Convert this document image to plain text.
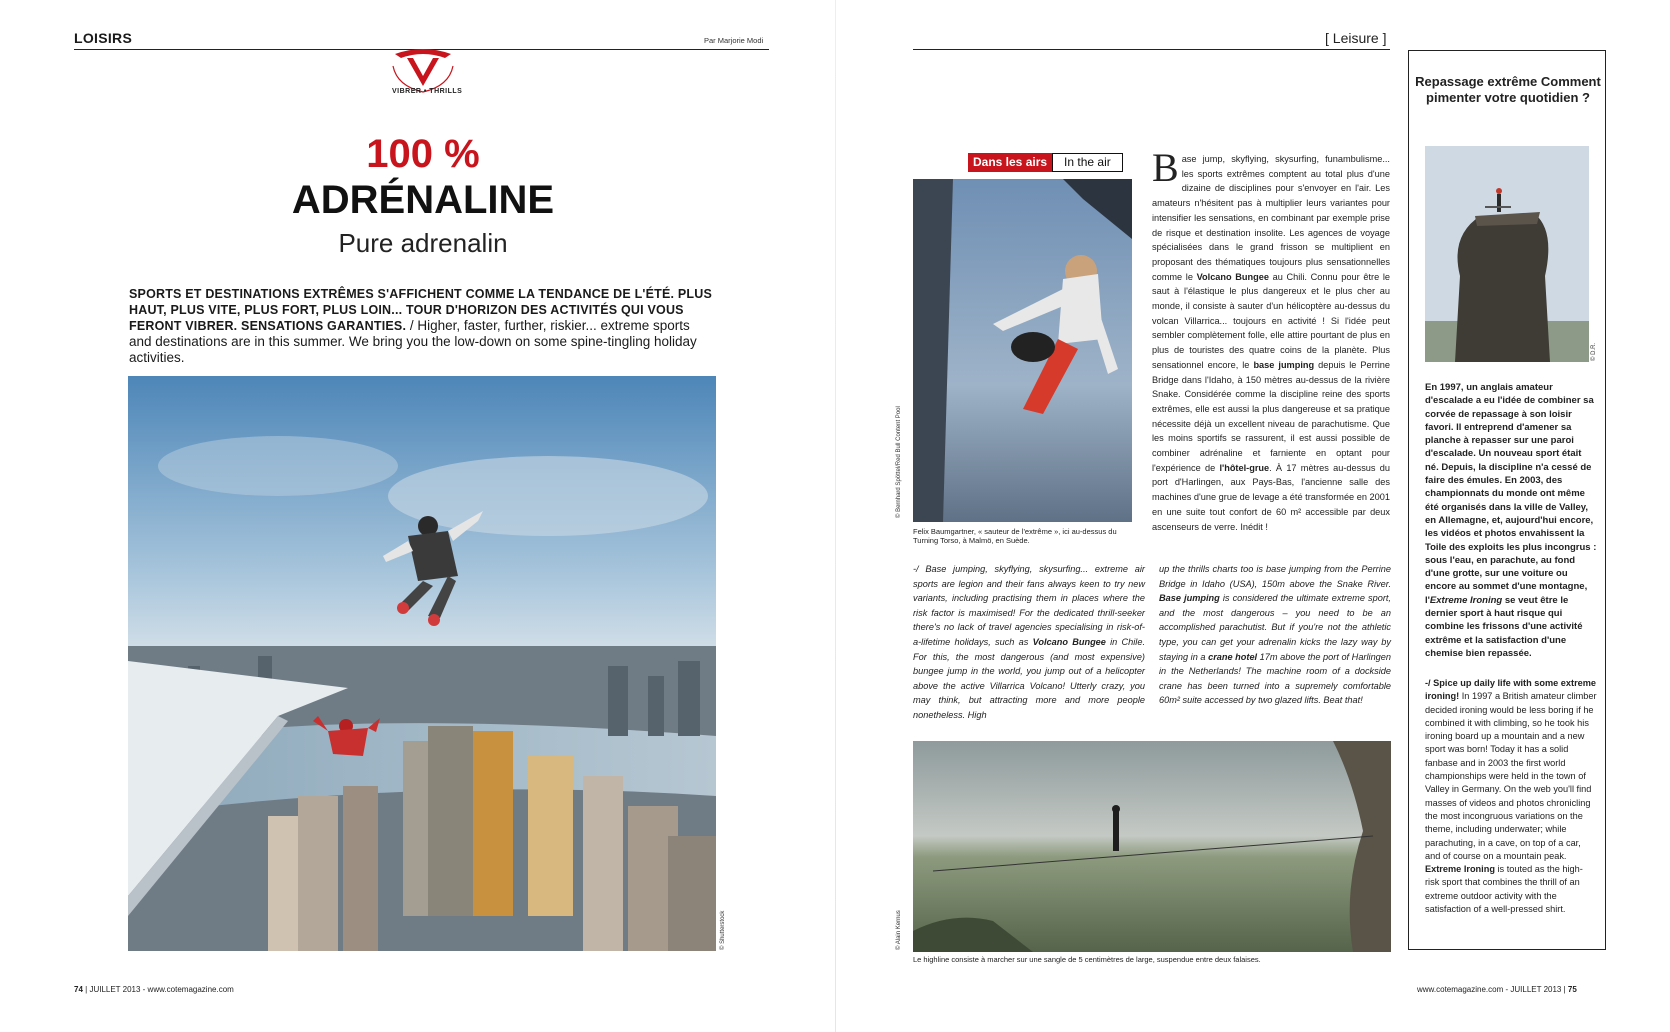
LOISIRS	Par Marjorie Modi
VIBRER • THRILLS
100 %
ADRÉNALINE
Pure adrenalin
SPORTS ET DESTINATIONS EXTRÊMES S'AFFICHENT COMME LA TENDANCE DE L'ÉTÉ. PLUS HAUT, PLUS VITE, PLUS FORT, PLUS LOIN... TOUR D'HORIZON DES ACTIVITÉS QUI VOUS FERONT VIBRER. SENSATIONS GARANTIES. / Higher, faster, further, riskier... extreme sports and destinations are in this summer. We bring you the low-down on some spine-tingling holiday activities.
© Shutterstock
74 | JUILLET 2013 - www.cotemagazine.com
[ Leisure ]
Dans les airs	In the air
© Bernhard Spöttel/Red Bull Content Pool
Felix Baumgartner, « sauteur de l'extrême », ici au-dessus du Turning Torso, à Malmö, en Suède.
Base jump, skyflying, skysurfing, funambulisme... les sports extrêmes comptent au total plus d'une dizaine de disciplines pour s'envoyer en l'air. Les amateurs n'hésitent pas à multiplier leurs variantes pour intensifier les sensations, en combinant par exemple prise de risque et destination insolite. Les agences de voyage spécialisées dans le grand frisson se multiplient en proposant des thématiques toujours plus sensationnelles comme le Volcano Bungee au Chili. Connu pour être le saut à l'élastique le plus dangereux et le plus cher au monde, il consiste à sauter d'un hélicoptère au-dessus du volcan Villarrica... toujours en activité ! Si l'idée peut sembler complètement folle, elle attire pourtant de plus en plus de touristes des quatre coins de la planète. Plus sensationnel encore, le base jumping depuis le Perrine Bridge dans l'Idaho, à 150 mètres au-dessus de la rivière Snake. Considérée comme la discipline reine des sports extrêmes, elle est aussi la plus dangereuse et sa pratique nécessite déjà un excellent niveau de parachutisme. Que les moins sportifs se rassurent, il est aussi possible de combiner adrénaline et farniente en optant pour l'expérience de l'hôtel-grue. À 17 mètres au-dessus du port d'Harlingen, aux Pays-Bas, l'ancienne salle des machines d'une grue de levage a été transformée en 2001 en une suite tout confort de 60 m² accessible par deux ascenseurs de verre. Inédit !
-/ Base jumping, skyflying, skysurfing... extreme air sports are legion and their fans always keen to try new variants, including practising them in places where the risk factor is maximised! For the dedicated thrill-seeker there's no lack of travel agencies specialising in risk-of-a-lifetime holidays, such as Volcano Bungee in Chile. For this, the most dangerous (and most expensive) bungee jump in the world, you jump out of a helicopter above the active Villarrica Volcano! Utterly crazy, you may think, but attracting more and more people nonetheless. High
up the thrills charts too is base jumping from the Perrine Bridge in Idaho (USA), 150m above the Snake River. Base jumping is considered the ultimate extreme sport, and the most dangerous – you need to be an accomplished parachutist. But if you're not the athletic type, you can get your adrenalin kicks the lazy way by staying in a crane hotel 17m above the port of Harlingen in the Netherlands! The machine room of a dockside crane has been turned into a supremely comfortable 60m² suite accessed by two glazed lifts. Beat that!
© Alain Kernus
Le highline consiste à marcher sur une sangle de 5 centimètres de large, suspendue entre deux falaises.
Repassage extrême Comment pimenter votre quotidien ?
© D.R.
En 1997, un anglais amateur d'escalade a eu l'idée de combiner sa corvée de repassage à son loisir favori. Il entreprend d'amener sa planche à repasser sur une paroi d'escalade. Un nouveau sport était né. Depuis, la discipline n'a cessé de faire des émules. En 2003, des championnats du monde ont même été organisés dans la ville de Valley, en Allemagne, et, aujourd'hui encore, les vidéos et photos envahissent la Toile des exploits les plus incongrus : sous l'eau, en parachute, au fond d'une grotte, sur une voiture ou encore au sommet d'une montagne, l'Extreme Ironing se veut être le dernier sport à haut risque qui combine les frissons d'une activité extrême et la satisfaction d'une chemise bien repassée.
-/ Spice up daily life with some extreme ironing! In 1997 a British amateur climber decided ironing would be less boring if he combined it with climbing, so he took his ironing board up a mountain and a new sport was born! Today it has a solid fanbase and in 2003 the first world championships were held in the town of Valley in Germany. On the web you'll find masses of videos and photos chronicling the most incongruous variations on the theme, including underwater; while parachuting, in a cave, on top of a car, and of course on a mountain peak. Extreme Ironing is touted as the high-risk sport that combines the thrill of an extreme outdoor activity with the satisfaction of a well-pressed shirt.
www.cotemagazine.com - JUILLET 2013 | 75
